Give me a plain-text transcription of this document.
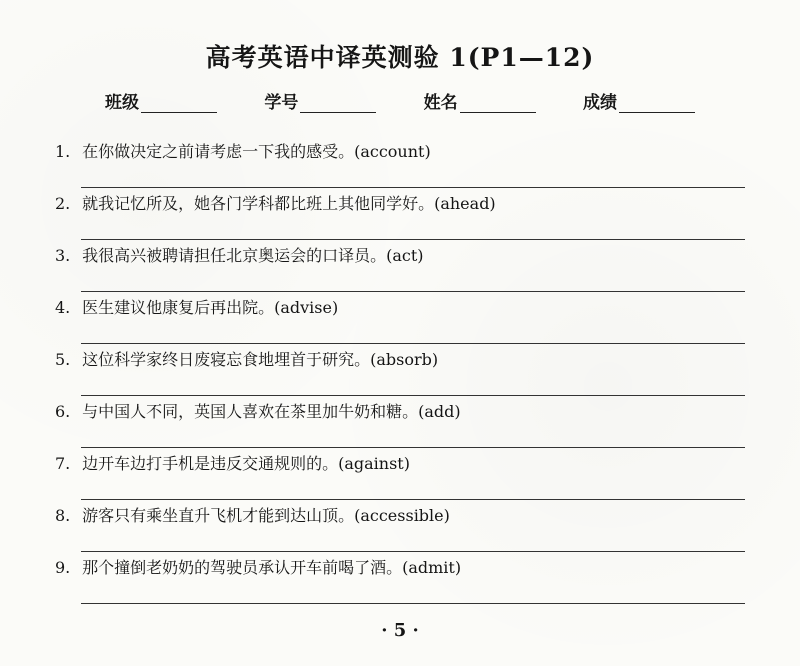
高考英语中译英测验 1(P1—12)
班级	学号	姓名	成绩
1. 在你做决定之前请考虑一下我的感受。(account)
2. 就我记忆所及，她各门学科都比班上其他同学好。(ahead)
3. 我很高兴被聘请担任北京奥运会的口译员。(act)
4. 医生建议他康复后再出院。(advise)
5. 这位科学家终日废寝忘食地埋首于研究。(absorb)
6. 与中国人不同，英国人喜欢在茶里加牛奶和糖。(add)
7. 边开车边打手机是违反交通规则的。(against)
8. 游客只有乘坐直升飞机才能到达山顶。(accessible)
9. 那个撞倒老奶奶的驾驶员承认开车前喝了酒。(admit)
· 5 ·
